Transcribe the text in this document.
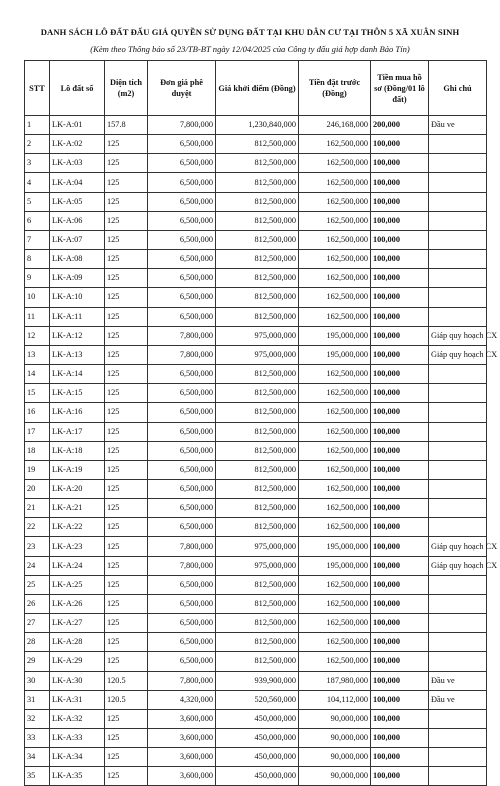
DANH SÁCH LÔ ĐẤT ĐẤU GIÁ QUYỀN SỬ DỤNG ĐẤT TẠI KHU DÂN CƯ TẠI THÔN 5 XÃ XUÂN SINH
(Kèm theo Thông báo số 23/TB-BT ngày 12/04/2025 của Công ty đấu giá hợp danh Bảo Tín)
STT	Lô đất số	Diện tích (m2)	Đơn giá phê duyệt	Giá khởi điểm (Đồng)	Tiền đặt trước (Đồng)	Tiền mua hồ sơ (Đồng/01 lô đất)	Ghi chú
1	LK-A:01	157.8	7,800,000	1,230,840,000	246,168,000	200,000	Đầu ve
2	LK-A:02	125	6,500,000	812,500,000	162,500,000	100,000	
3	LK-A:03	125	6,500,000	812,500,000	162,500,000	100,000	
4	LK-A:04	125	6,500,000	812,500,000	162,500,000	100,000	
5	LK-A:05	125	6,500,000	812,500,000	162,500,000	100,000	
6	LK-A:06	125	6,500,000	812,500,000	162,500,000	100,000	
7	LK-A:07	125	6,500,000	812,500,000	162,500,000	100,000	
8	LK-A:08	125	6,500,000	812,500,000	162,500,000	100,000	
9	LK-A:09	125	6,500,000	812,500,000	162,500,000	100,000	
10	LK-A:10	125	6,500,000	812,500,000	162,500,000	100,000	
11	LK-A:11	125	6,500,000	812,500,000	162,500,000	100,000	
12	LK-A:12	125	7,800,000	975,000,000	195,000,000	100,000	Giáp quy hoạch CX
13	LK-A:13	125	7,800,000	975,000,000	195,000,000	100,000	Giáp quy hoạch CX
14	LK-A:14	125	6,500,000	812,500,000	162,500,000	100,000	
15	LK-A:15	125	6,500,000	812,500,000	162,500,000	100,000	
16	LK-A:16	125	6,500,000	812,500,000	162,500,000	100,000	
17	LK-A:17	125	6,500,000	812,500,000	162,500,000	100,000	
18	LK-A:18	125	6,500,000	812,500,000	162,500,000	100,000	
19	LK-A:19	125	6,500,000	812,500,000	162,500,000	100,000	
20	LK-A:20	125	6,500,000	812,500,000	162,500,000	100,000	
21	LK-A:21	125	6,500,000	812,500,000	162,500,000	100,000	
22	LK-A:22	125	6,500,000	812,500,000	162,500,000	100,000	
23	LK-A:23	125	7,800,000	975,000,000	195,000,000	100,000	Giáp quy hoạch CX
24	LK-A:24	125	7,800,000	975,000,000	195,000,000	100,000	Giáp quy hoạch CX
25	LK-A:25	125	6,500,000	812,500,000	162,500,000	100,000	
26	LK-A:26	125	6,500,000	812,500,000	162,500,000	100,000	
27	LK-A:27	125	6,500,000	812,500,000	162,500,000	100,000	
28	LK-A:28	125	6,500,000	812,500,000	162,500,000	100,000	
29	LK-A:29	125	6,500,000	812,500,000	162,500,000	100,000	
30	LK-A:30	120.5	7,800,000	939,900,000	187,980,000	100,000	Đầu ve
31	LK-A:31	120.5	4,320,000	520,560,000	104,112,000	100,000	Đầu ve
32	LK-A:32	125	3,600,000	450,000,000	90,000,000	100,000	
33	LK-A:33	125	3,600,000	450,000,000	90,000,000	100,000	
34	LK-A:34	125	3,600,000	450,000,000	90,000,000	100,000	
35	LK-A:35	125	3,600,000	450,000,000	90,000,000	100,000	
